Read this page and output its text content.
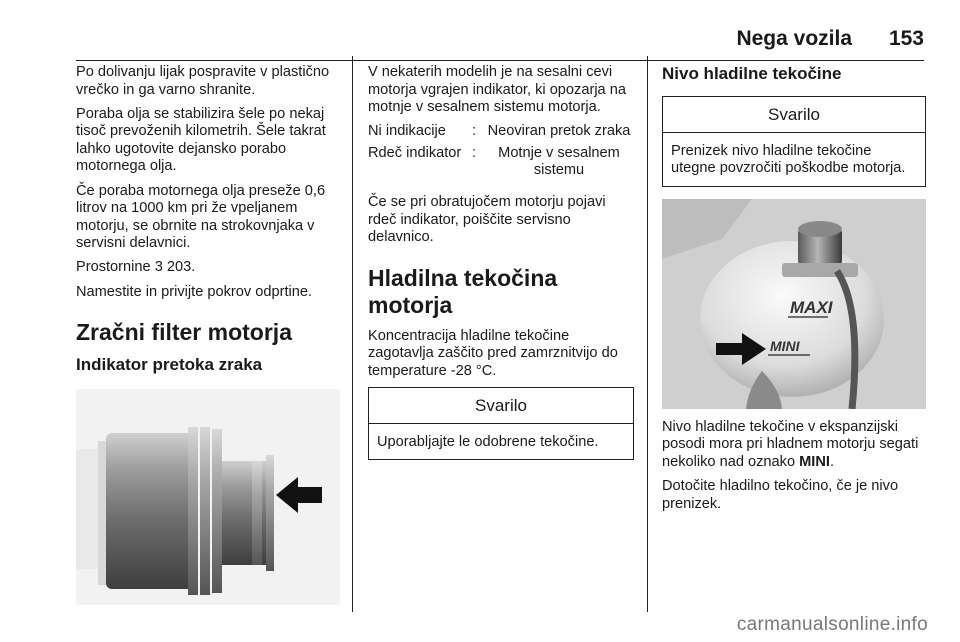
Nega vozila 153

Po dolivanju lijak pospravite v plastično vrečko in ga varno shranite.

Poraba olja se stabilizira šele po nekaj tisoč prevoženih kilometrih. Šele takrat lahko ugotovite dejansko porabo motornega olja.

Če poraba motornega olja preseže 0,6 litrov na 1000 km pri že vpeljanem motorju, se obrnite na strokovnjaka v servisni delavnici.

Prostornine 3 203.

Namestite in privijte pokrov odprtine.

Zračni filter motorja
Indikator pretoka zraka

V nekaterih modelih je na sesalni cevi motorja vgrajen indikator, ki opozarja na motnje v sesalnem sistemu motorja.

Ni indikacije	: Neoviran pretok zraka
Rdeč indikator :	Motnje v sesalnem sistemu

Če se pri obratujočem motorju pojavi rdeč indikator, poiščite servisno delavnico.

Hladilna tekočina motorja

Koncentracija hladilne tekočine zagotavlja zaščito pred zamrznitvijo do temperature -28 °C.

Svarilo
Uporabljajte le odobrene tekočine.
Nivo hladilne tekočine
Svarilo
Prenizek nivo hladilne tekočine utegne povzročiti poškodbe motorja.
MAXI
MINI

Nivo hladilne tekočine v ekspanzijski posodi mora pri hladnem motorju segati nekoliko nad oznako MINI.

Dotočite hladilno tekočino, če je nivo prenizek.

carmanualsonline.info
